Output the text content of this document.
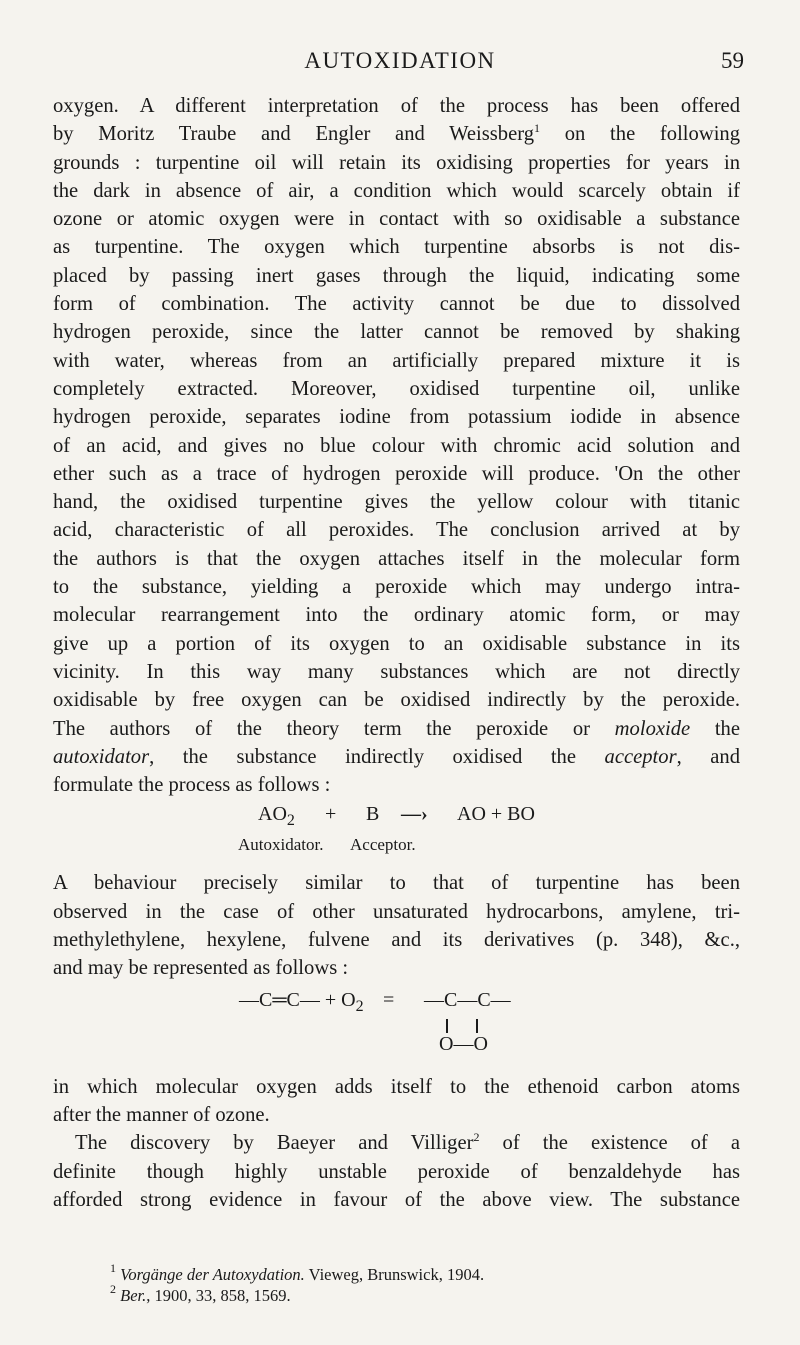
AUTOXIDATION	59
oxygen. A different interpretation of the process has been offered
by Moritz Traube and Engler and Weissberg$^1$ on the following
grounds : turpentine oil will retain its oxidising properties for years in
the dark in absence of air, a condition which would scarcely obtain if
ozone or atomic oxygen were in contact with so oxidisable a substance
as turpentine. The oxygen which turpentine absorbs is not dis-
placed by passing inert gases through the liquid, indicating some
form of combination. The activity cannot be due to dissolved
hydrogen peroxide, since the latter cannot be removed by shaking
with water, whereas from an artificially prepared mixture it is
completely extracted. Moreover, oxidised turpentine oil, unlike
hydrogen peroxide, separates iodine from potassium iodide in absence
of an acid, and gives no blue colour with chromic acid solution and
ether such as a trace of hydrogen peroxide will produce. 'On the other
hand, the oxidised turpentine gives the yellow colour with titanic
acid, characteristic of all peroxides. The conclusion arrived at by
the authors is that the oxygen attaches itself in the molecular form
to the substance, yielding a peroxide which may undergo intra-
molecular rearrangement into the ordinary atomic form, or may
give up a portion of its oxygen to an oxidisable substance in its
vicinity. In this way many substances which are not directly
oxidisable by free oxygen can be oxidised indirectly by the peroxide.
The authors of the theory term the peroxide or moloxide the
autoxidator, the substance indirectly oxidised the acceptor, and
formulate the process as follows :
$AO_2 + B$ —› AO + BO
Autoxidator. Acceptor.
A behaviour precisely similar to that of turpentine has been
observed in the case of other unsaturated hydrocarbons, amylene, tri-
methylethylene, hexylene, fulvene and its derivatives (p. 348), &c.,
and may be represented as follows :
—C═C— + $O_2$ = —C—C—
O—O
in which molecular oxygen adds itself to the ethenoid carbon atoms
after the manner of ozone.
The discovery by Baeyer and Villiger$^2$ of the existence of a
definite though highly unstable peroxide of benzaldehyde has
afforded strong evidence in favour of the above view. The substance
$^1$ Vorgänge der Autoxydation. Vieweg, Brunswick, 1904.
$^2$ Ber., 1900, 33, 858, 1569.
